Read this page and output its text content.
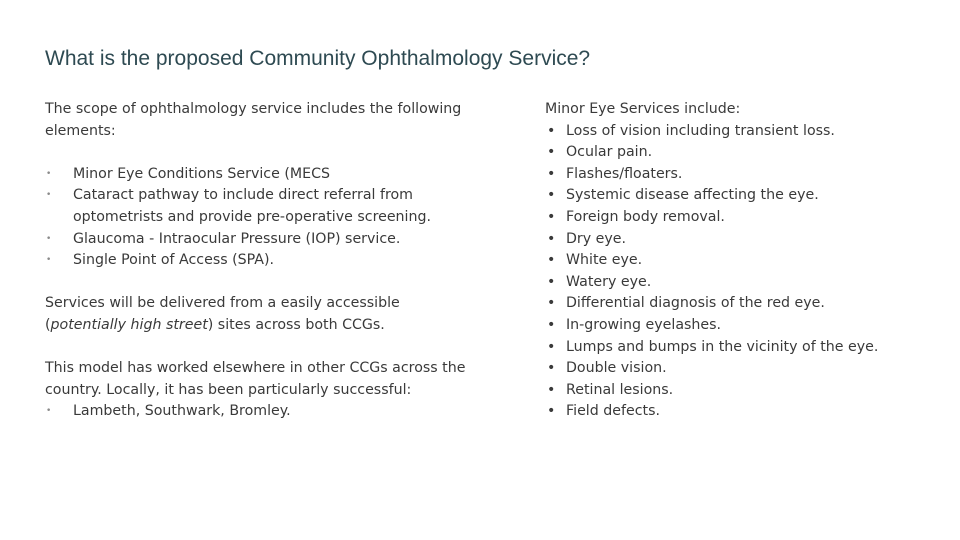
What is the proposed Community Ophthalmology Service?

The scope of ophthalmology service includes the following elements:

• Minor Eye Conditions Service (MECS
• Cataract pathway to include direct referral from optometrists and provide pre-operative screening.
• Glaucoma - Intraocular Pressure (IOP) service.
• Single Point of Access (SPA).

Services will be delivered from a easily accessible (potentially high street) sites across both CCGs.

This model has worked elsewhere in other CCGs across the country. Locally, it has been particularly successful:

• Lambeth, Southwark, Bromley.

Minor Eye Services include:

• Loss of vision including transient loss.
• Ocular pain.
• Flashes/floaters.
• Systemic disease affecting the eye.
• Foreign body removal.
• Dry eye.
• White eye.
• Watery eye.
• Differential diagnosis of the red eye.
• In-growing eyelashes.
• Lumps and bumps in the vicinity of the eye.
• Double vision.
• Retinal lesions.
• Field defects.
